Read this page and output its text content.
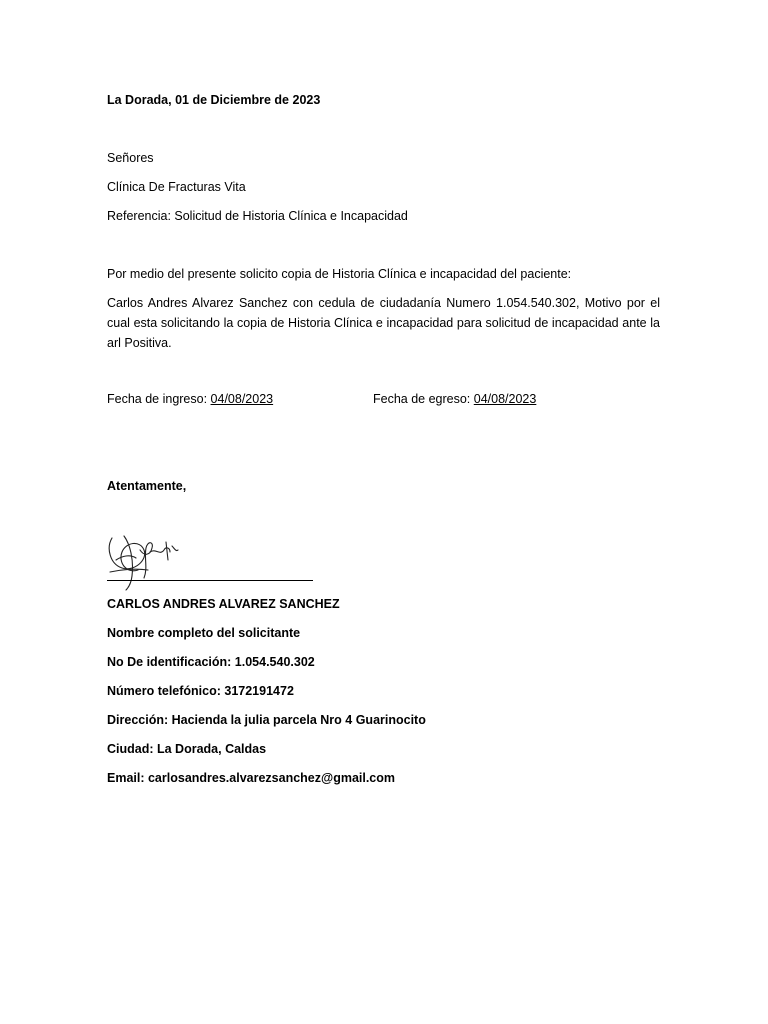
La Dorada, 01 de Diciembre de 2023
Señores
Clínica De Fracturas Vita
Referencia: Solicitud de Historia Clínica e Incapacidad
Por medio del presente solicito copia de Historia Clínica e incapacidad del paciente:
Carlos Andres Alvarez Sanchez con cedula de ciudadanía Numero 1.054.540.302, Motivo por el cual esta solicitando la copia de Historia Clínica e incapacidad para solicitud de incapacidad ante la arl Positiva.
Fecha de ingreso: 04/08/2023	Fecha de egreso: 04/08/2023
Atentamente,
CARLOS ANDRES ALVAREZ SANCHEZ
Nombre completo del solicitante
No De identificación: 1.054.540.302
Número telefónico: 3172191472
Dirección: Hacienda la julia parcela Nro 4 Guarinocito
Ciudad: La Dorada, Caldas
Email: carlosandres.alvarezsanchez@gmail.com
